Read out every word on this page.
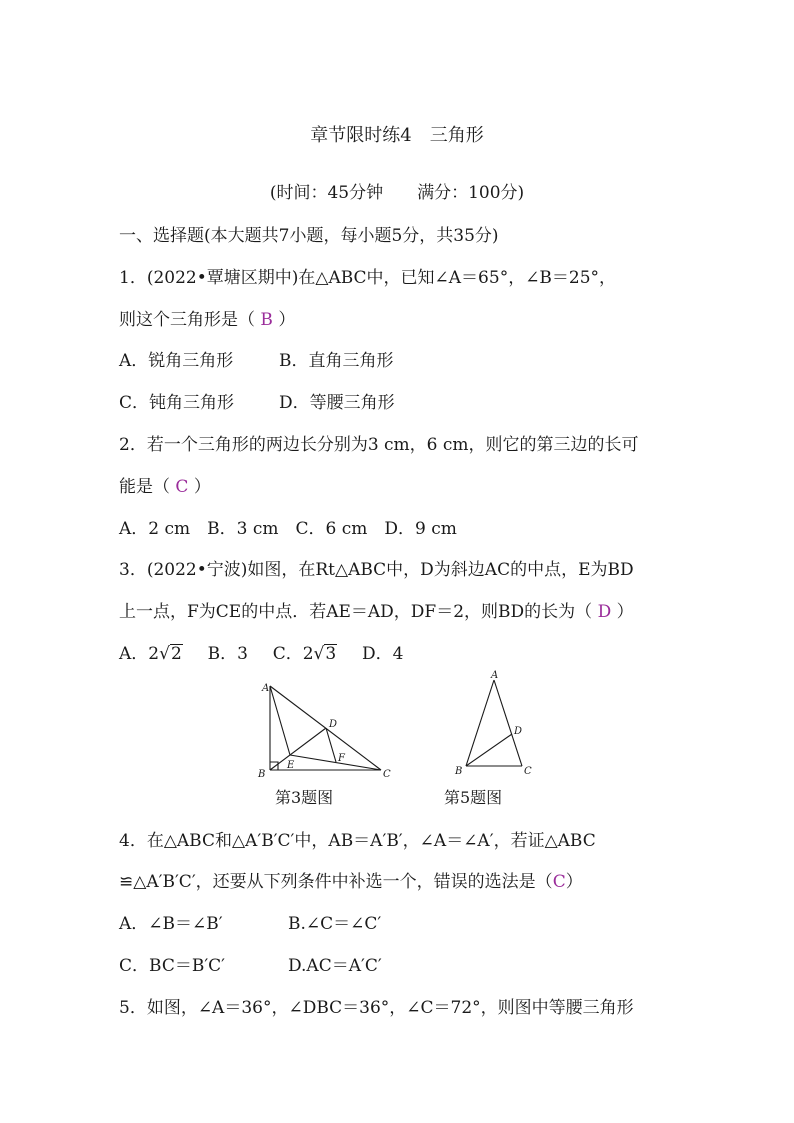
章节限时练4　三角形
(时间：45分钟 满分：100分)
一、选择题(本大题共7小题，每小题5分，共35分)
1．(2022•覃塘区期中)在△ABC中，已知∠A＝65°，∠B＝25°，
则这个三角形是（ B ）
A．锐角三角形	B．直角三角形
C．钝角三角形	D．等腰三角形
2．若一个三角形的两边长分别为3 cm，6 cm，则它的第三边的长可
能是（ C ）
A．2 cm　B．3 cm　C．6 cm　D．9 cm
3．(2022•宁波)如图，在Rt△ABC中，D为斜边AC的中点，E为BD
上一点，F为CE的中点．若AE＝AD，DF＝2，则BD的长为（ D ）
A．2√2 B．3 C．2√3 D．4
A
B	C
D
E
F
第3题图
A
B	C
D
第5题图
4．在△ABC和△A′B′C′中，AB＝A′B′，∠A＝∠A′，若证△ABC
≌△A′B′C′，还要从下列条件中补选一个，错误的选法是（C）
A．∠B＝∠B′	B.∠C＝∠C′
C．BC＝B′C′	D.AC＝A′C′
5．如图，∠A＝36°，∠DBC＝36°，∠C＝72°，则图中等腰三角形
